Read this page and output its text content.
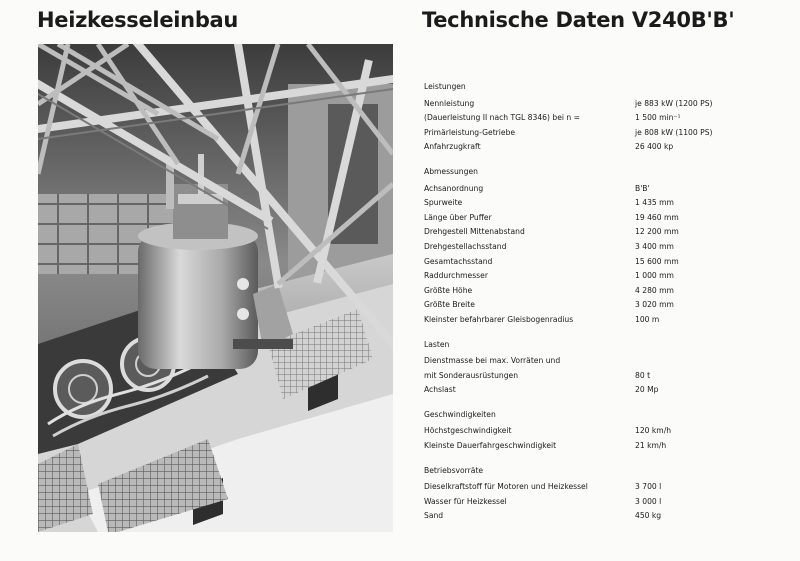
Heizkesseleinbau	Technische Daten V240B'B'
Leistungen
Nennleistung	je 883 kW (1200 PS)
(Dauerleistung II nach TGL 8346) bei n =	1 500 min⁻¹
Primärleistung-Getriebe	je 808 kW (1100 PS)
Anfahrzugkraft	26 400 kp
Abmessungen
Achsanordnung	B'B'
Spurweite	1 435 mm
Länge über Puffer	19 460 mm
Drehgestell Mittenabstand	12 200 mm
Drehgestellachsstand	3 400 mm
Gesamtachsstand	15 600 mm
Raddurchmesser	1 000 mm
Größte Höhe	4 280 mm
Größte Breite	3 020 mm
Kleinster befahrbarer Gleisbogenradius	100 m
Lasten
Dienstmasse bei max. Vorräten und
mit Sonderausrüstungen	80 t
Achslast	20 Mp
Geschwindigkeiten
Höchstgeschwindigkeit	120 km/h
Kleinste Dauerfahrgeschwindigkeit	21 km/h
Betriebsvorräte
Dieselkraftstoff für Motoren und Heizkessel	3 700 l
Wasser für Heizkessel	3 000 l
Sand	450 kg
